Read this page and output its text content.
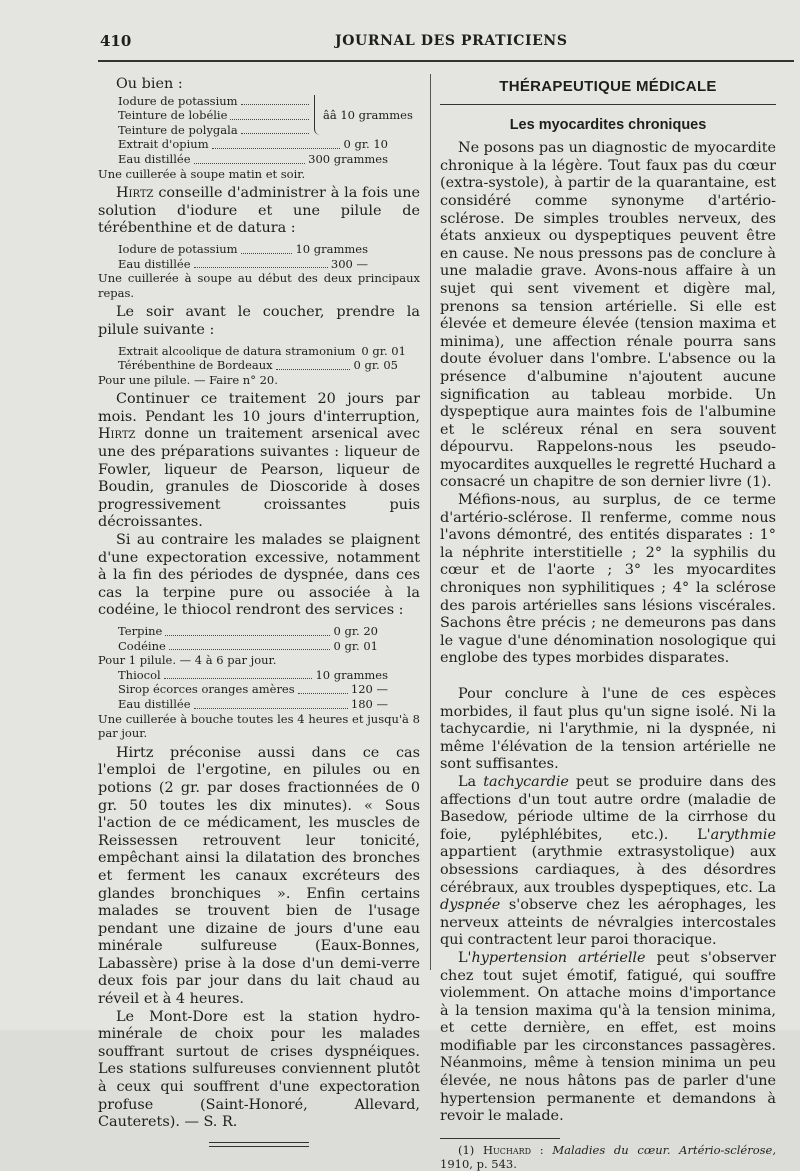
410	JOURNAL DES PRATICIENS

Ou bien :

Iodure de potassium
Teinture de lobélie
Teinture de polygala
ââ 10 grammes
Extrait d'opium	0 gr. 10
Eau distillée	300 grammes

Une cuillerée à soupe matin et soir.

Hirtz conseille d'administrer à la fois une solution d'iodure et une pilule de térébenthine et de datura :

Iodure de potassium	10 grammes
Eau distillée	300 —

Une cuillerée à soupe au début des deux principaux repas.

Le soir avant le coucher, prendre la pilule suivante :

Extrait alcoolique de datura stramonium 0 gr. 01
Térébenthine de Bordeaux	0 gr. 05

Pour une pilule. — Faire n° 20.

Continuer ce traitement 20 jours par mois. Pendant les 10 jours d'interruption, Hirtz donne un traitement arsenical avec une des préparations suivantes : liqueur de Fowler, liqueur de Pearson, liqueur de Boudin, granules de Dioscoride à doses progressivement croissantes puis décroissantes.

Si au contraire les malades se plaignent d'une expectoration excessive, notamment à la fin des périodes de dyspnée, dans ces cas la terpine pure ou associée à la codéine, le thiocol rendront des services :

Terpine	0 gr. 20
Codéine	0 gr. 01

Pour 1 pilule. — 4 à 6 par jour.

Thiocol	10 grammes
Sirop écorces oranges amères	120 —
Eau distillée	180 —

Une cuillerée à bouche toutes les 4 heures et jusqu'à 8 par jour.

Hirtz préconise aussi dans ce cas l'emploi de l'ergotine, en pilules ou en potions (2 gr. par doses fractionnées de 0 gr. 50 toutes les dix minutes). « Sous l'action de ce médicament, les muscles de Reissessen retrouvent leur tonicité, empêchant ainsi la dilatation des bronches et ferment les canaux excréteurs des glandes bronchiques ». Enfin certains malades se trouvent bien de l'usage pendant une dizaine de jours d'une eau minérale sulfureuse (Eaux-Bonnes, Labassère) prise à la dose d'un demi-verre deux fois par jour dans du lait chaud au réveil et à 4 heures.

Le Mont-Dore est la station hydro-minérale de choix pour les malades souffrant surtout de crises dyspnéiques. Les stations sulfureuses conviennent plutôt à ceux qui souffrent d'une expectoration profuse (Saint-Honoré, Allevard, Cauterets). — S. R.

THÉRAPEUTIQUE MÉDICALE
Les myocardites chroniques

Ne posons pas un diagnostic de myocardite chronique à la légère. Tout faux pas du cœur (extra-systole), à partir de la quarantaine, est considéré comme synonyme d'artério-sclérose. De simples troubles nerveux, des états anxieux ou dyspeptiques peuvent être en cause. Ne nous pressons pas de conclure à une maladie grave. Avons-nous affaire à un sujet qui sent vivement et digère mal, prenons sa tension artérielle. Si elle est élevée et demeure élevée (tension maxima et minima), une affection rénale pourra sans doute évoluer dans l'ombre. L'absence ou la présence d'albumine n'ajoutent aucune signification au tableau morbide. Un dyspeptique aura maintes fois de l'albumine et le scléreux rénal en sera souvent dépourvu. Rappelons-nous les pseudo-myocardites auxquelles le regretté Huchard a consacré un chapitre de son dernier livre (1).

Méfions-nous, au surplus, de ce terme d'artério-sclérose. Il renferme, comme nous l'avons démontré, des entités disparates : 1° la néphrite interstitielle ; 2° la syphilis du cœur et de l'aorte ; 3° les myocardites chroniques non syphilitiques ; 4° la sclérose des parois artérielles sans lésions viscérales. Sachons être précis ; ne demeurons pas dans le vague d'une dénomination nosologique qui englobe des types morbides disparates.

Pour conclure à l'une de ces espèces morbides, il faut plus qu'un signe isolé. Ni la tachycardie, ni l'arythmie, ni la dyspnée, ni même l'élévation de la tension artérielle ne sont suffisantes.

La tachycardie peut se produire dans des affections d'un tout autre ordre (maladie de Basedow, période ultime de la cirrhose du foie, pyléphlébites, etc.). L'arythmie appartient (arythmie extrasystolique) aux obsessions cardiaques, à des désordres cérébraux, aux troubles dyspeptiques, etc. La dyspnée s'observe chez les aérophages, les nerveux atteints de névralgies intercostales qui contractent leur paroi thoracique.

L'hypertension artérielle peut s'observer chez tout sujet émotif, fatigué, qui souffre violemment. On attache moins d'importance à la tension maxima qu'à la tension minima, et cette dernière, en effet, est moins modifiable par les circonstances passagères. Néanmoins, même à tension minima un peu élevée, ne nous hâtons pas de parler d'une hypertension permanente et demandons à revoir le malade.

(1) Huchard : Maladies du cœur. Artério-sclérose, 1910, p. 543.
